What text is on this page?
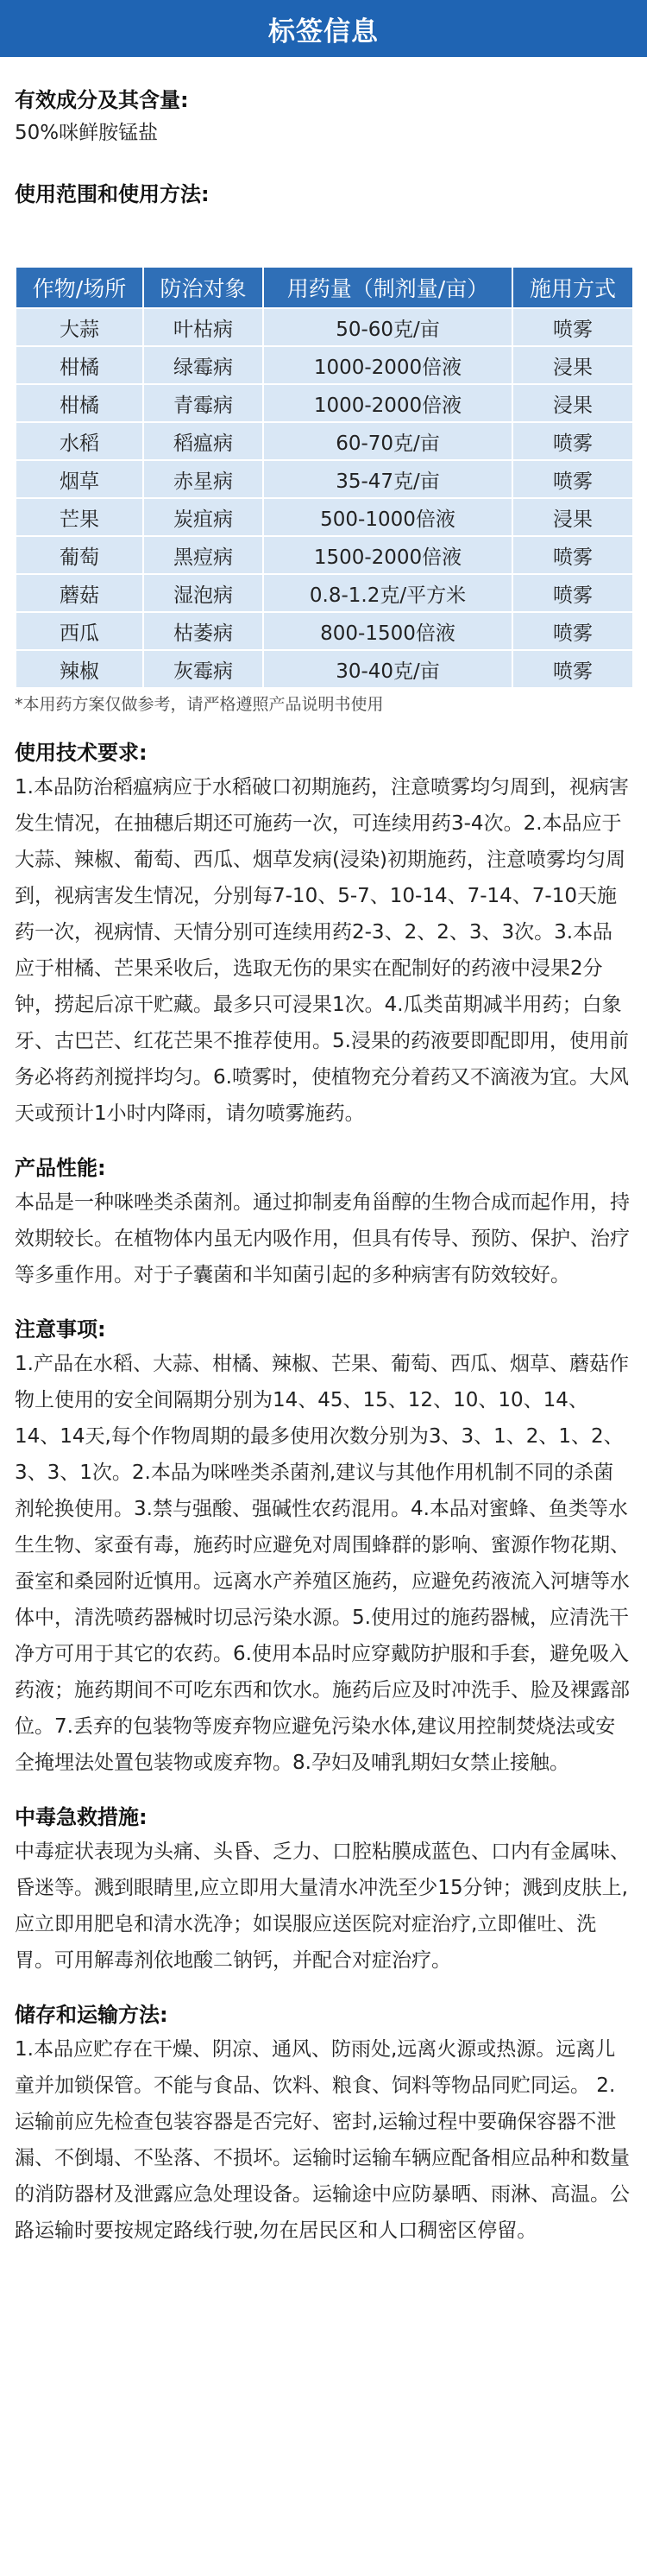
标签信息
有效成分及其含量:

50%咪鲜胺锰盐

使用范围和使用方法:
作物/场所	防治对象	用药量（制剂量/亩）	施用方式
大蒜	叶枯病	50-60克/亩	喷雾
柑橘	绿霉病	1000-2000倍液	浸果
柑橘	青霉病	1000-2000倍液	浸果
水稻	稻瘟病	60-70克/亩	喷雾
烟草	赤星病	35-47克/亩	喷雾
芒果	炭疽病	500-1000倍液	浸果
葡萄	黑痘病	1500-2000倍液	喷雾
蘑菇	湿泡病	0.8-1.2克/平方米	喷雾
西瓜	枯萎病	800-1500倍液	喷雾
辣椒	灰霉病	30-40克/亩	喷雾
*本用药方案仅做参考，请严格遵照产品说明书使用
使用技术要求:

1.本品防治稻瘟病应于水稻破口初期施药，注意喷雾均匀周到，视病害发生情况，在抽穗后期还可施药一次，可连续用药3-4次。2.本品应于大蒜、辣椒、葡萄、西瓜、烟草发病(浸染)初期施药，注意喷雾均匀周到，视病害发生情况，分别每7-10、5-7、10-14、7-14、7-10天施药一次，视病情、天情分别可连续用药2-3、2、2、3、3次。3.本品应于柑橘、芒果采收后，选取无伤的果实在配制好的药液中浸果2分钟，捞起后凉干贮藏。最多只可浸果1次。4.瓜类苗期减半用药；白象牙、古巴芒、红花芒果不推荐使用。5.浸果的药液要即配即用，使用前务必将药剂搅拌均匀。6.喷雾时，使植物充分着药又不滴液为宜。大风天或预计1小时内降雨，请勿喷雾施药。

产品性能:

本品是一种咪唑类杀菌剂。通过抑制麦角甾醇的生物合成而起作用，持效期较长。在植物体内虽无内吸作用，但具有传导、预防、保护、治疗等多重作用。对于子囊菌和半知菌引起的多种病害有防效较好。

注意事项:

1.产品在水稻、大蒜、柑橘、辣椒、芒果、葡萄、西瓜、烟草、蘑菇作物上使用的安全间隔期分别为14、45、15、12、10、10、14、14、14天,每个作物周期的最多使用次数分别为3、3、1、2、1、2、3、3、1次。2.本品为咪唑类杀菌剂,建议与其他作用机制不同的杀菌剂轮换使用。3.禁与强酸、强碱性农药混用。4.本品对蜜蜂、鱼类等水生生物、家蚕有毒，施药时应避免对周围蜂群的影响、蜜源作物花期、蚕室和桑园附近慎用。远离水产养殖区施药，应避免药液流入河塘等水体中，清洗喷药器械时切忌污染水源。5.使用过的施药器械，应清洗干净方可用于其它的农药。6.使用本品时应穿戴防护服和手套，避免吸入药液；施药期间不可吃东西和饮水。施药后应及时冲洗手、脸及裸露部位。7.丢弃的包装物等废弃物应避免污染水体,建议用控制焚烧法或安全掩埋法处置包装物或废弃物。8.孕妇及哺乳期妇女禁止接触。

中毒急救措施:

中毒症状表现为头痛、头昏、乏力、口腔粘膜成蓝色、口内有金属味、昏迷等。溅到眼睛里,应立即用大量清水冲洗至少15分钟；溅到皮肤上,应立即用肥皂和清水洗净；如误服应送医院对症治疗,立即催吐、洗胃。可用解毒剂依地酸二钠钙，并配合对症治疗。

储存和运输方法:

1.本品应贮存在干燥、阴凉、通风、防雨处,远离火源或热源。远离儿童并加锁保管。不能与食品、饮料、粮食、饲料等物品同贮同运。 2.运输前应先检查包装容器是否完好、密封,运输过程中要确保容器不泄漏、不倒塌、不坠落、不损坏。运输时运输车辆应配备相应品种和数量的消防器材及泄露应急处理设备。运输途中应防暴晒、雨淋、高温。公路运输时要按规定路线行驶,勿在居民区和人口稠密区停留。
